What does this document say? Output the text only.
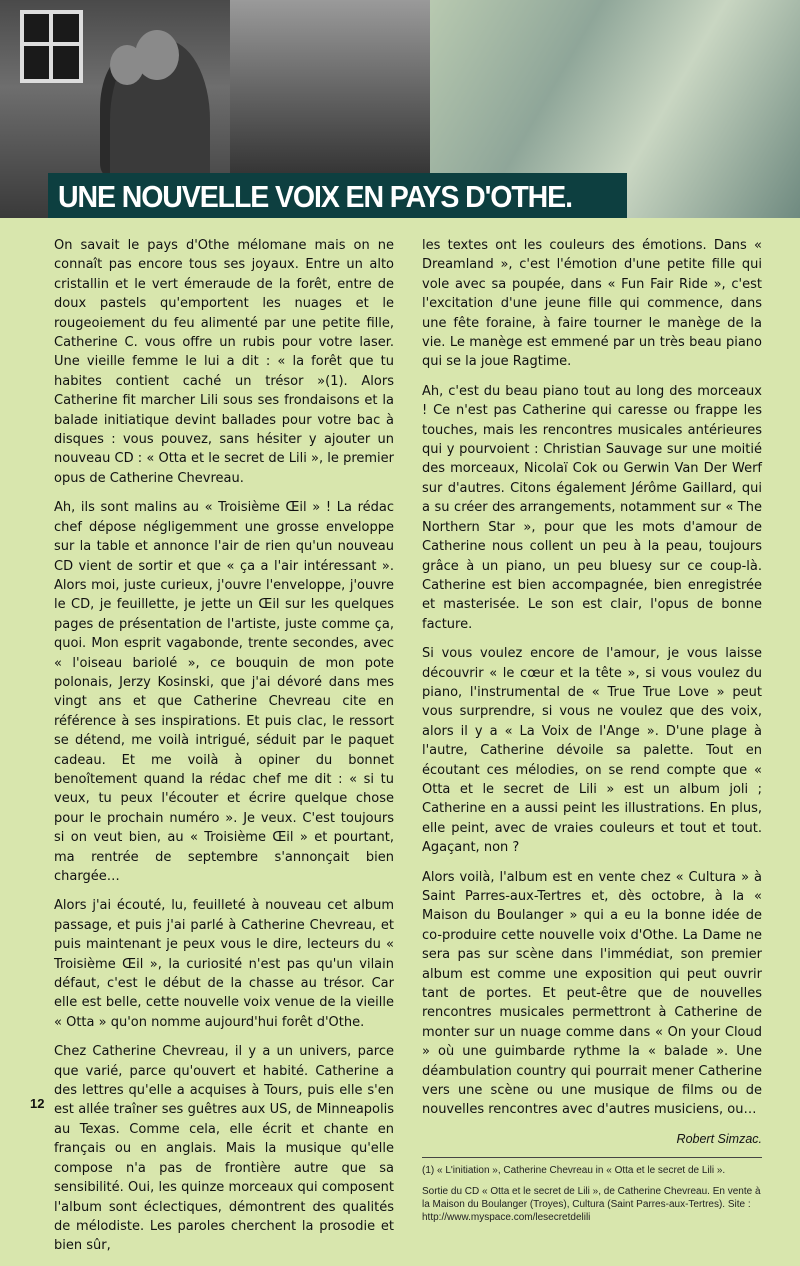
UNE NOUVELLE VOIX EN PAYS D'OTHE.

On savait le pays d'Othe mélomane mais on ne connaît pas encore tous ses joyaux. Entre un alto cristallin et le vert émeraude de la forêt, entre de doux pastels qu'emportent les nuages et le rougeoiement du feu alimenté par une petite fille, Catherine C. vous offre un rubis pour votre laser. Une vieille femme le lui a dit : « la forêt que tu habites contient caché un trésor »(1). Alors Catherine fit marcher Lili sous ses frondaisons et la balade initiatique devint ballades pour votre bac à disques : vous pouvez, sans hésiter y ajouter un nouveau CD : « Otta et le secret de Lili », le premier opus de Catherine Chevreau.

Ah, ils sont malins au « Troisième Œil » ! La rédac chef dépose négligemment une grosse enveloppe sur la table et annonce l'air de rien qu'un nouveau CD vient de sortir et que « ça a l'air intéressant ». Alors moi, juste curieux, j'ouvre l'enveloppe, j'ouvre le CD, je feuillette, je jette un Œil sur les quelques pages de présentation de l'artiste, juste comme ça, quoi. Mon esprit vagabonde, trente secondes, avec « l'oiseau bariolé », ce bouquin de mon pote polonais, Jerzy Kosinski, que j'ai dévoré dans mes vingt ans et que Catherine Chevreau cite en référence à ses inspirations. Et puis clac, le ressort se détend, me voilà intrigué, séduit par le paquet cadeau. Et me voilà à opiner du bonnet benoîtement quand la rédac chef me dit : « si tu veux, tu peux l'écouter et écrire quelque chose pour le prochain numéro ». Je veux. C'est toujours si on veut bien, au « Troisième Œil » et pourtant, ma rentrée de septembre s'annonçait bien chargée…

Alors j'ai écouté, lu, feuilleté à nouveau cet album passage, et puis j'ai parlé à Catherine Chevreau, et puis maintenant je peux vous le dire, lecteurs du « Troisième Œil », la curiosité n'est pas qu'un vilain défaut, c'est le début de la chasse au trésor. Car elle est belle, cette nouvelle voix venue de la vieille « Otta » qu'on nomme aujourd'hui forêt d'Othe.

Chez Catherine Chevreau, il y a un univers, parce que varié, parce qu'ouvert et habité. Catherine a des lettres qu'elle a acquises à Tours, puis elle s'en est allée traîner ses guêtres aux US, de Minneapolis au Texas. Comme cela, elle écrit et chante en français ou en anglais. Mais la musique qu'elle compose n'a pas de frontière autre que sa sensibilité. Oui, les quinze morceaux qui composent l'album sont éclectiques, démontrent des qualités de mélodiste. Les paroles cherchent la prosodie et bien sûr,

les textes ont les couleurs des émotions. Dans « Dreamland », c'est l'émotion d'une petite fille qui vole avec sa poupée, dans « Fun Fair Ride », c'est l'excitation d'une jeune fille qui commence, dans une fête foraine, à faire tourner le manège de la vie. Le manège est emmené par un très beau piano qui se la joue Ragtime.

Ah, c'est du beau piano tout au long des morceaux ! Ce n'est pas Catherine qui caresse ou frappe les touches, mais les rencontres musicales antérieures qui y pourvoient : Christian Sauvage sur une moitié des morceaux, Nicolaï Cok ou Gerwin Van Der Werf sur d'autres. Citons également Jérôme Gaillard, qui a su créer des arrangements, notamment sur « The Northern Star », pour que les mots d'amour de Catherine nous collent un peu à la peau, toujours grâce à un piano, un peu bluesy sur ce coup-là. Catherine est bien accompagnée, bien enregistrée et masterisée. Le son est clair, l'opus de bonne facture.

Si vous voulez encore de l'amour, je vous laisse découvrir « le cœur et la tête », si vous voulez du piano, l'instrumental de « True True Love » peut vous surprendre, si vous ne voulez que des voix, alors il y a « La Voix de l'Ange ». D'une plage à l'autre, Catherine dévoile sa palette. Tout en écoutant ces mélodies, on se rend compte que « Otta et le secret de Lili » est un album joli ; Catherine en a aussi peint les illustrations. En plus, elle peint, avec de vraies couleurs et tout et tout. Agaçant, non ?

Alors voilà, l'album est en vente chez « Cultura » à Saint Parres-aux-Tertres et, dès octobre, à la « Maison du Boulanger » qui a eu la bonne idée de co-produire cette nouvelle voix d'Othe. La Dame ne sera pas sur scène dans l'immédiat, son premier album est comme une exposition qui peut ouvrir tant de portes. Et peut-être que de nouvelles rencontres musicales permettront à Catherine de monter sur un nuage comme dans « On your Cloud » où une guimbarde rythme la « balade ». Une déambulation country qui pourrait mener Catherine vers une scène ou une musique de films ou de nouvelles rencontres avec d'autres musiciens, ou…

Robert Simzac.
(1) « L'initiation », Catherine Chevreau in « Otta et le secret de Lili ».
Sortie du CD « Otta et le secret de Lili », de Catherine Chevreau. En vente à la Maison du Boulanger (Troyes), Cultura (Saint Parres-aux-Tertres). Site : http://www.myspace.com/lesecretdelili
12
